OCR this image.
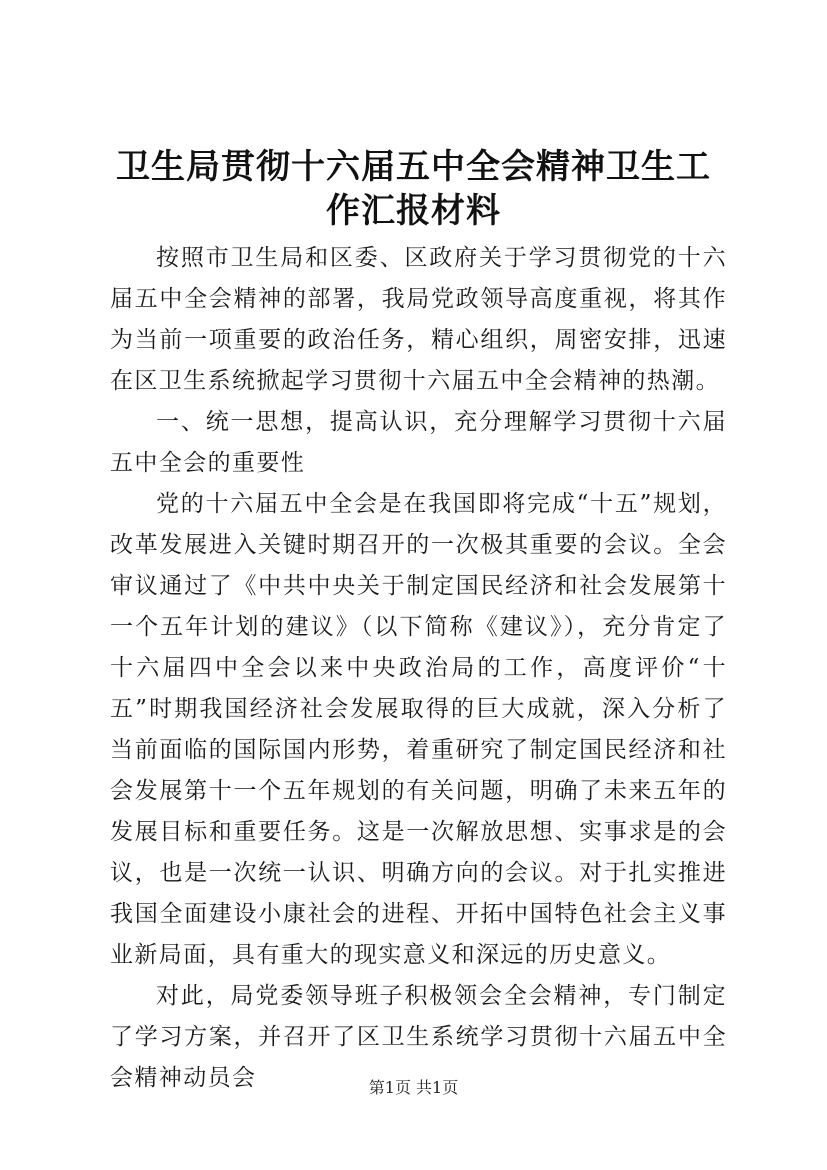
卫生局贯彻十六届五中全会精神卫生工作汇报材料

按照市卫生局和区委、区政府关于学习贯彻党的十六届五中全会精神的部署，我局党政领导高度重视，将其作为当前一项重要的政治任务，精心组织，周密安排，迅速在区卫生系统掀起学习贯彻十六届五中全会精神的热潮。

一、统一思想，提高认识，充分理解学习贯彻十六届五中全会的重要性

党的十六届五中全会是在我国即将完成“十五”规划，改革发展进入关键时期召开的一次极其重要的会议。全会审议通过了《中共中央关于制定国民经济和社会发展第十一个五年计划的建议》（以下简称《建议》），充分肯定了十六届四中全会以来中央政治局的工作，高度评价“十五”时期我国经济社会发展取得的巨大成就，深入分析了当前面临的国际国内形势，着重研究了制定国民经济和社会发展第十一个五年规划的有关问题，明确了未来五年的发展目标和重要任务。这是一次解放思想、实事求是的会议，也是一次统一认识、明确方向的会议。对于扎实推进我国全面建设小康社会的进程、开拓中国特色社会主义事业新局面，具有重大的现实意义和深远的历史意义。

对此，局党委领导班子积极领会全会精神，专门制定了学习方案，并召开了区卫生系统学习贯彻十六届五中全会精神动员会	第1页 共1页
